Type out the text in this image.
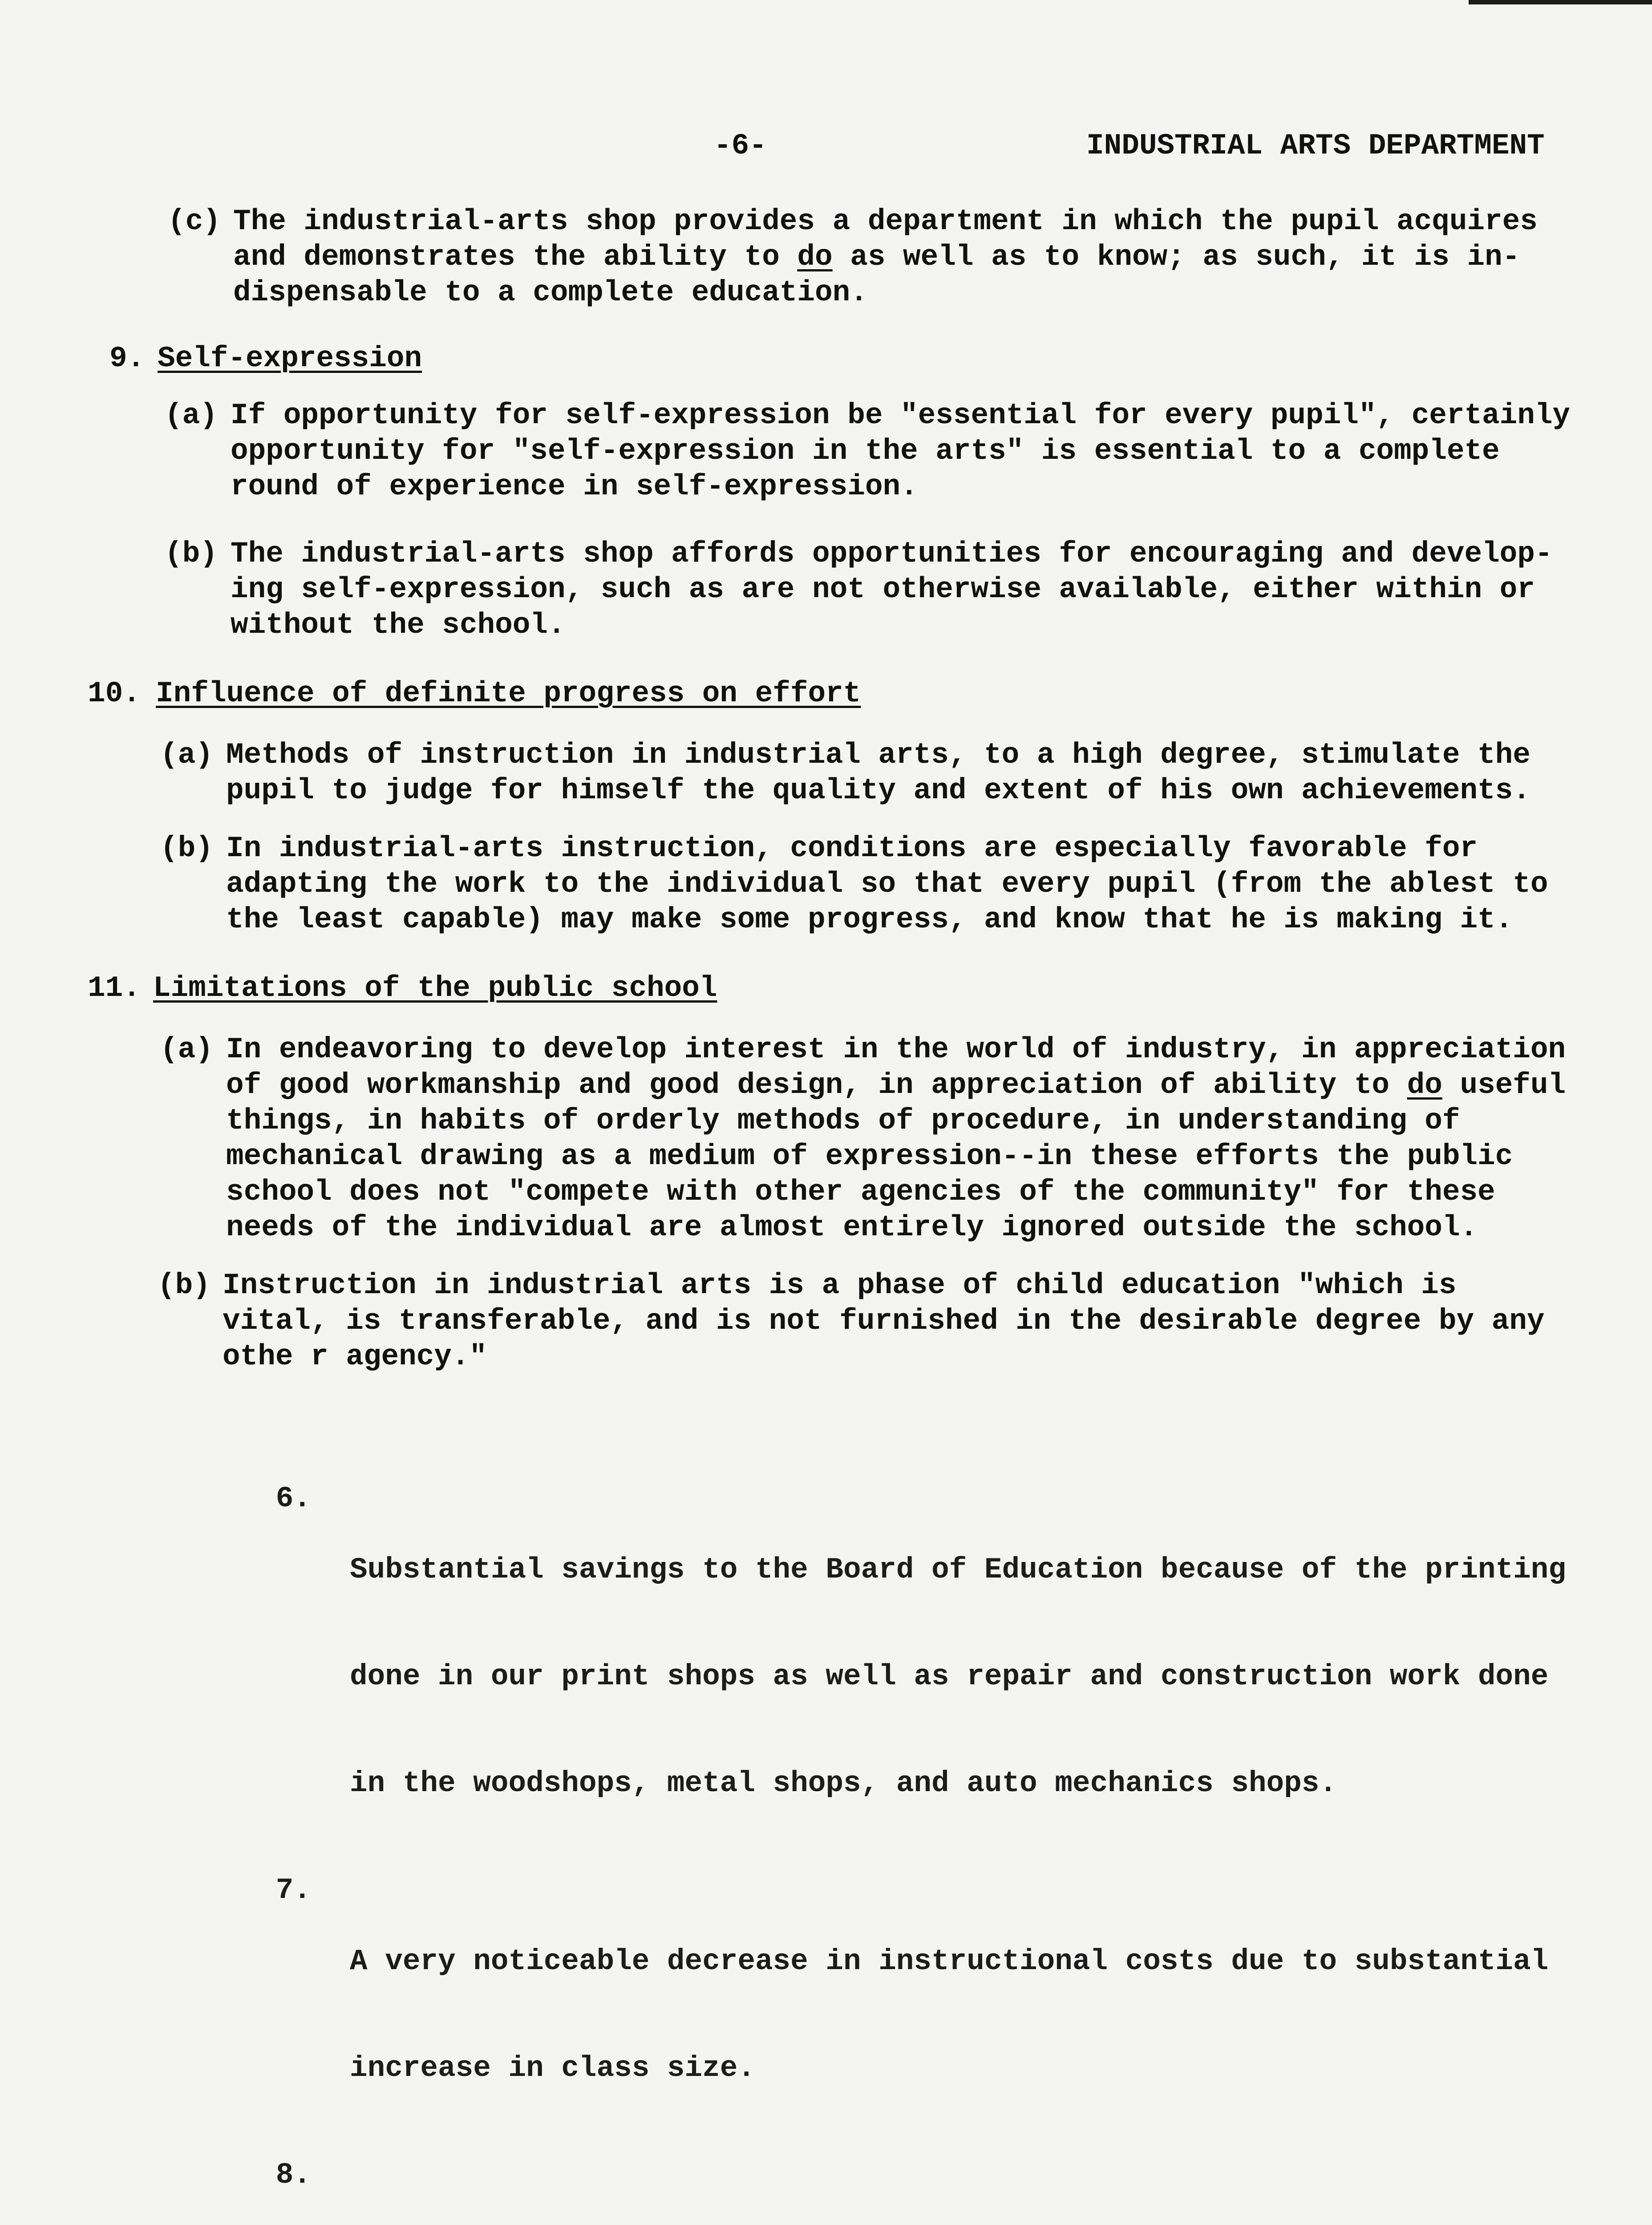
-6-	INDUSTRIAL ARTS DEPARTMENT
(c) The industrial-arts shop provides a department in which the pupil acquires
and demonstrates the ability to do as well as to know; as such, it is in-
dispensable to a complete education.
9. Self-expression
(a) If opportunity for self-expression be "essential for every pupil", certainly
opportunity for "self-expression in the arts" is essential to a complete
round of experience in self-expression.
(b) The industrial-arts shop affords opportunities for encouraging and develop-
ing self-expression, such as are not otherwise available, either within or
without the school.
10. Influence of definite progress on effort
(a) Methods of instruction in industrial arts, to a high degree, stimulate the
pupil to judge for himself the quality and extent of his own achievements.
(b) In industrial-arts instruction, conditions are especially favorable for
adapting the work to the individual so that every pupil (from the ablest to
the least capable) may make some progress, and know that he is making it.
11. Limitations of the public school
(a) In endeavoring to develop interest in the world of industry, in appreciation
of good workmanship and good design, in appreciation of ability to do useful
things, in habits of orderly methods of procedure, in understanding of
mechanical drawing as a medium of expression--in these efforts the public
school does not "compete with other agencies of the community" for these
needs of the individual are almost entirely ignored outside the school.
(b) Instruction in industrial arts is a phase of child education "which is
vital, is transferable, and is not furnished in the desirable degree by any
othe r agency."
6.

Substantial savings to the Board of Education because of the printing

done in our print shops as well as repair and construction work done

in the woodshops, metal shops, and auto mechanics shops.

7.

A very noticeable decrease in instructional costs due to substantial

increase in class size.

8.
